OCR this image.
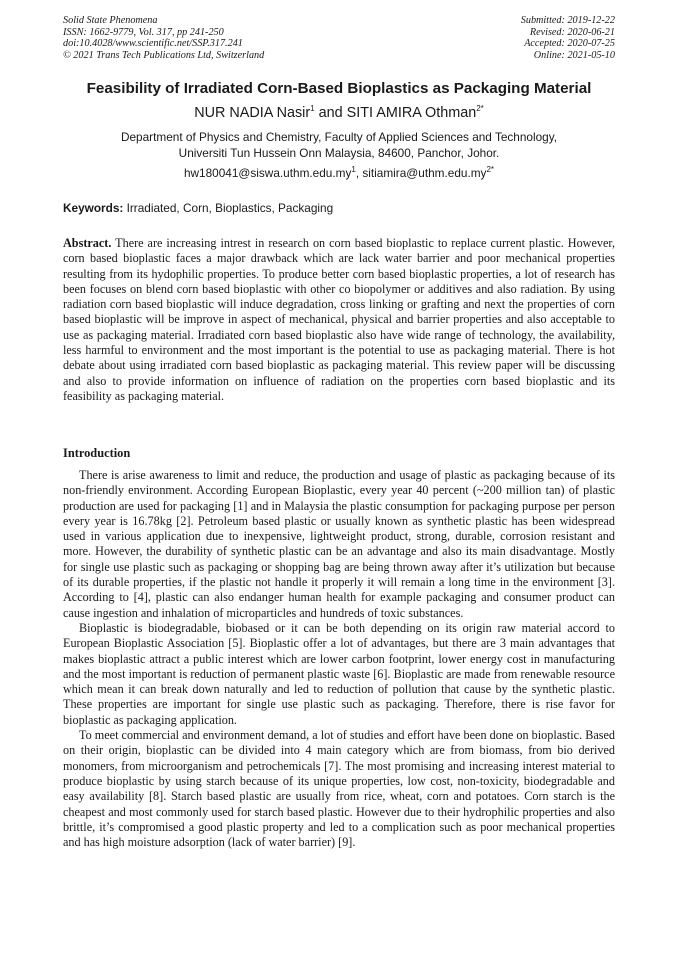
Solid State Phenomena
ISSN: 1662-9779, Vol. 317, pp 241-250
doi:10.4028/www.scientific.net/SSP.317.241
© 2021 Trans Tech Publications Ltd, Switzerland
Submitted: 2019-12-22
Revised: 2020-06-21
Accepted: 2020-07-25
Online: 2021-05-10
Feasibility of Irradiated Corn-Based Bioplastics as Packaging Material
NUR NADIA Nasir$^1$ and SITI AMIRA Othman$^{2*}$
Department of Physics and Chemistry, Faculty of Applied Sciences and Technology,
Universiti Tun Hussein Onn Malaysia, 84600, Panchor, Johor.
$hw180041@siswa.uthm.edu.my^1$, $sitiamira@uthm.edu.my^{2*}$
Keywords: Irradiated, Corn, Bioplastics, Packaging

Abstract. There are increasing intrest in research on corn based bioplastic to replace current plastic. However, corn based bioplastic faces a major drawback which are lack water barrier and poor mechanical properties resulting from its hydophilic properties. To produce better corn based bioplastic properties, a lot of research has been focuses on blend corn based bioplastic with other co biopolymer or additives and also radiation. By using radiation corn based bioplastic will induce degradation, cross linking or grafting and next the properties of corn based bioplastic will be improve in aspect of mechanical, physical and barrier properties and also acceptable to use as packaging material. Irradiated corn based bioplastic also have wide range of technology, the availability, less harmful to environment and the most important is the potential to use as packaging material. There is hot debate about using irradiated corn based bioplastic as packaging material. This review paper will be discussing and also to provide information on influence of radiation on the properties corn based bioplastic and its feasibility as packaging material.

Introduction

There is arise awareness to limit and reduce, the production and usage of plastic as packaging because of its non-friendly environment. According European Bioplastic, every year 40 percent (~200 million tan) of plastic production are used for packaging [1] and in Malaysia the plastic consumption for packaging purpose per person every year is 16.78kg [2]. Petroleum based plastic or usually known as synthetic plastic has been widespread used in various application due to inexpensive, lightweight product, strong, durable, corrosion resistant and more. However, the durability of synthetic plastic can be an advantage and also its main disadvantage. Mostly for single use plastic such as packaging or shopping bag are being thrown away after it’s utilization but because of its durable properties, if the plastic not handle it properly it will remain a long time in the environment [3]. According to [4], plastic can also endanger human health for example packaging and consumer product can cause ingestion and inhalation of microparticles and hundreds of toxic substances.

Bioplastic is biodegradable, biobased or it can be both depending on its origin raw material accord to European Bioplastic Association [5]. Bioplastic offer a lot of advantages, but there are 3 main advantages that makes bioplastic attract a public interest which are lower carbon footprint, lower energy cost in manufacturing and the most important is reduction of permanent plastic waste [6]. Bioplastic are made from renewable resource which mean it can break down naturally and led to reduction of pollution that cause by the synthetic plastic. These properties are important for single use plastic such as packaging. Therefore, there is rise favor for bioplastic as packaging application.

To meet commercial and environment demand, a lot of studies and effort have been done on bioplastic. Based on their origin, bioplastic can be divided into 4 main category which are from biomass, from bio derived monomers, from microorganism and petrochemicals [7]. The most promising and increasing interest material to produce bioplastic by using starch because of its unique properties, low cost, non-toxicity, biodegradable and easy availability [8]. Starch based plastic are usually from rice, wheat, corn and potatoes. Corn starch is the cheapest and most commonly used for starch based plastic. However due to their hydrophilic properties and also brittle, it’s compromised a good plastic property and led to a complication such as poor mechanical properties and has high moisture adsorption (lack of water barrier) [9].
